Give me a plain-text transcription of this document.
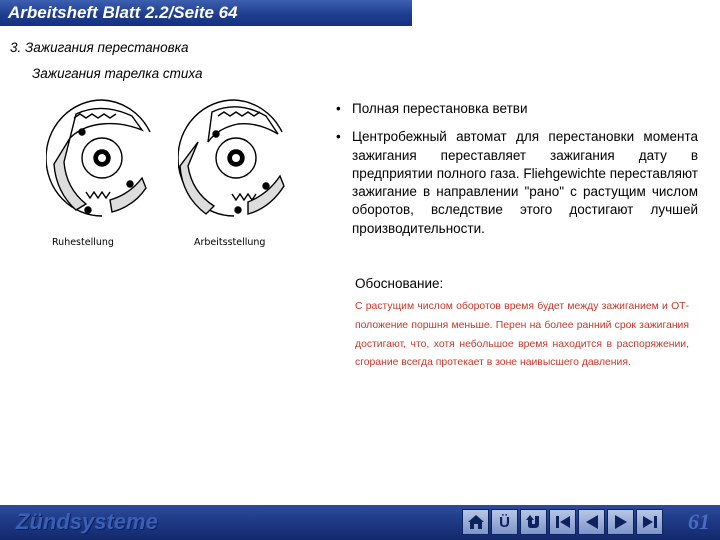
Arbeitsheft Blatt 2.2/Seite 64
3. Зажигания перестановка
Зажигания тарелка стиха
Ruhestellung	Arbeitsstellung
• Полная перестановка ветви
• Центробежный автомат для перестановки момента зажигания переставляет зажигания дату в предприятии полного газа. Fliehgewichte переставляют зажигание в направлении "рано" с растущим числом оборотов, вследствие этого достигают лучшей производительности.
Обоснование:
С растущим числом оборотов время будет между зажиганием и ОТ-положение поршня меньше. Перен на более ранний срок зажигания достигают, что, хотя небольшое время находится в распоряжении, сгорание всегда протекает в зоне наивысшего давления.
Zündsysteme	Ü	61
